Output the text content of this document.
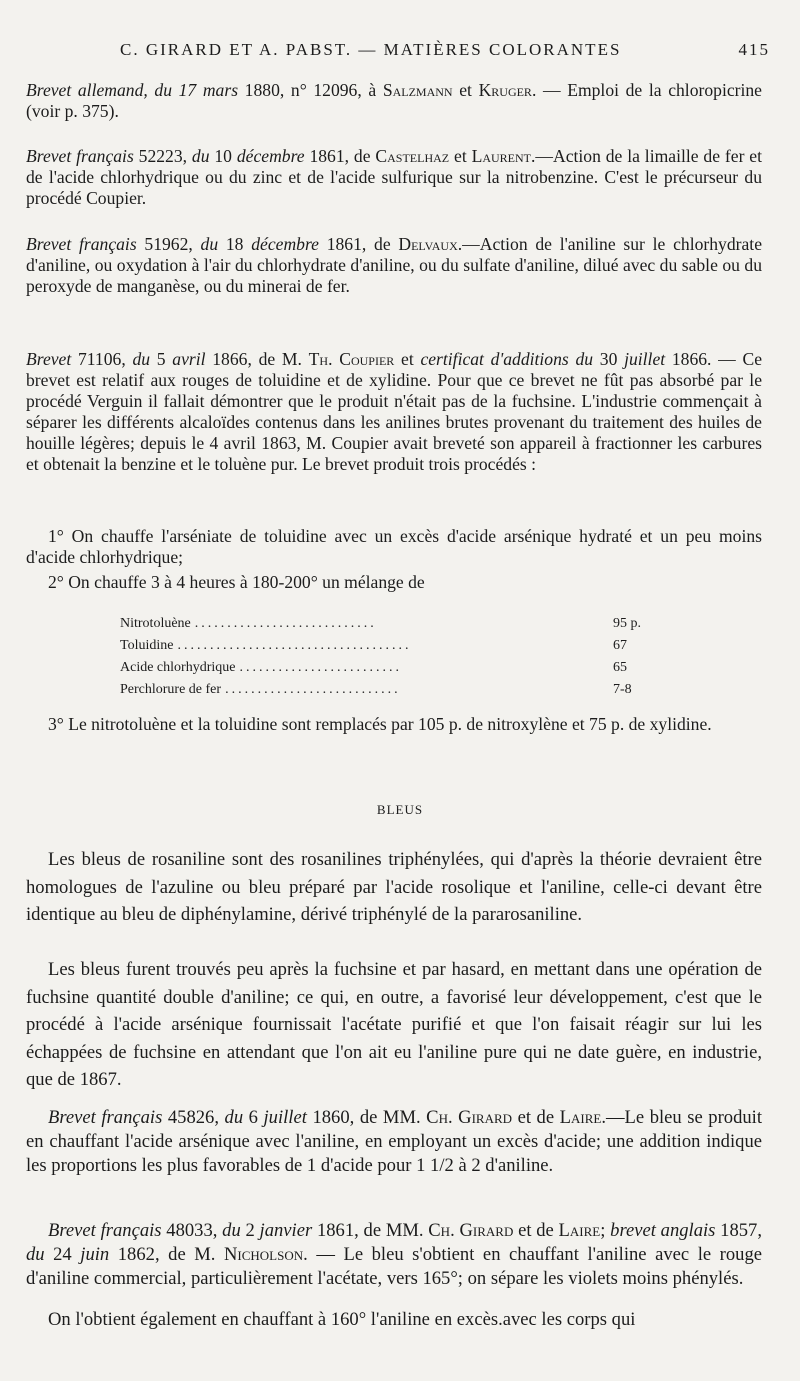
C. GIRARD ET A. PABST. — MATIÈRES COLORANTES	415

Brevet allemand, du 17 mars 1880, n° 12096, à Salzmann et Kruger. — Emploi de la chloropicrine (voir p. 375).

Brevet français 52223, du 10 décembre 1861, de Castelhaz et Laurent.—Action de la limaille de fer et de l'acide chlorhydrique ou du zinc et de l'acide sulfurique sur la nitrobenzine. C'est le précurseur du procédé Coupier.

Brevet français 51962, du 18 décembre 1861, de Delvaux.—Action de l'aniline sur le chlorhydrate d'aniline, ou oxydation à l'air du chlorhydrate d'aniline, ou du sulfate d'aniline, dilué avec du sable ou du peroxyde de manganèse, ou du minerai de fer.

Brevet 71106, du 5 avril 1866, de M. Th. Coupier et certificat d'additions du 30 juillet 1866. — Ce brevet est relatif aux rouges de toluidine et de xylidine. Pour que ce brevet ne fût pas absorbé par le procédé Verguin il fallait démontrer que le produit n'était pas de la fuchsine. L'industrie commençait à séparer les différents alcaloïdes contenus dans les anilines brutes provenant du traitement des huiles de houille légères; depuis le 4 avril 1863, M. Coupier avait breveté son appareil à fractionner les carbures et obtenait la benzine et le toluène pur. Le brevet produit trois procédés :

1° On chauffe l'arséniate de toluidine avec un excès d'acide arsénique hydraté et un peu moins d'acide chlorhydrique;

2° On chauffe 3 à 4 heures à 180-200° un mélange de

Nitrotoluène ............................	95 p.
Toluidine ....................................	67
Acide chlorhydrique .........................	65
Perchlorure de fer ...........................	7-8

3° Le nitrotoluène et la toluidine sont remplacés par 105 p. de nitroxylène et 75 p. de xylidine.

BLEUS

Les bleus de rosaniline sont des rosanilines triphénylées, qui d'après la théorie devraient être homologues de l'azuline ou bleu préparé par l'acide rosolique et l'aniline, celle-ci devant être identique au bleu de diphénylamine, dérivé triphénylé de la pararosaniline.

Les bleus furent trouvés peu après la fuchsine et par hasard, en mettant dans une opération de fuchsine quantité double d'aniline; ce qui, en outre, a favorisé leur développement, c'est que le procédé à l'acide arsénique fournissait l'acétate purifié et que l'on faisait réagir sur lui les échappées de fuchsine en attendant que l'on ait eu l'aniline pure qui ne date guère, en industrie, que de 1867.

Brevet français 45826, du 6 juillet 1860, de MM. Ch. Girard et de Laire.—Le bleu se produit en chauffant l'acide arsénique avec l'aniline, en employant un excès d'acide; une addition indique les proportions les plus favorables de 1 d'acide pour 1 1/2 à 2 d'aniline.

Brevet français 48033, du 2 janvier 1861, de MM. Ch. Girard et de Laire; brevet anglais 1857, du 24 juin 1862, de M. Nicholson. — Le bleu s'obtient en chauffant l'aniline avec le rouge d'aniline commercial, particulièrement l'acétate, vers 165°; on sépare les violets moins phénylés.

On l'obtient également en chauffant à 160° l'aniline en excès.avec les corps qui
